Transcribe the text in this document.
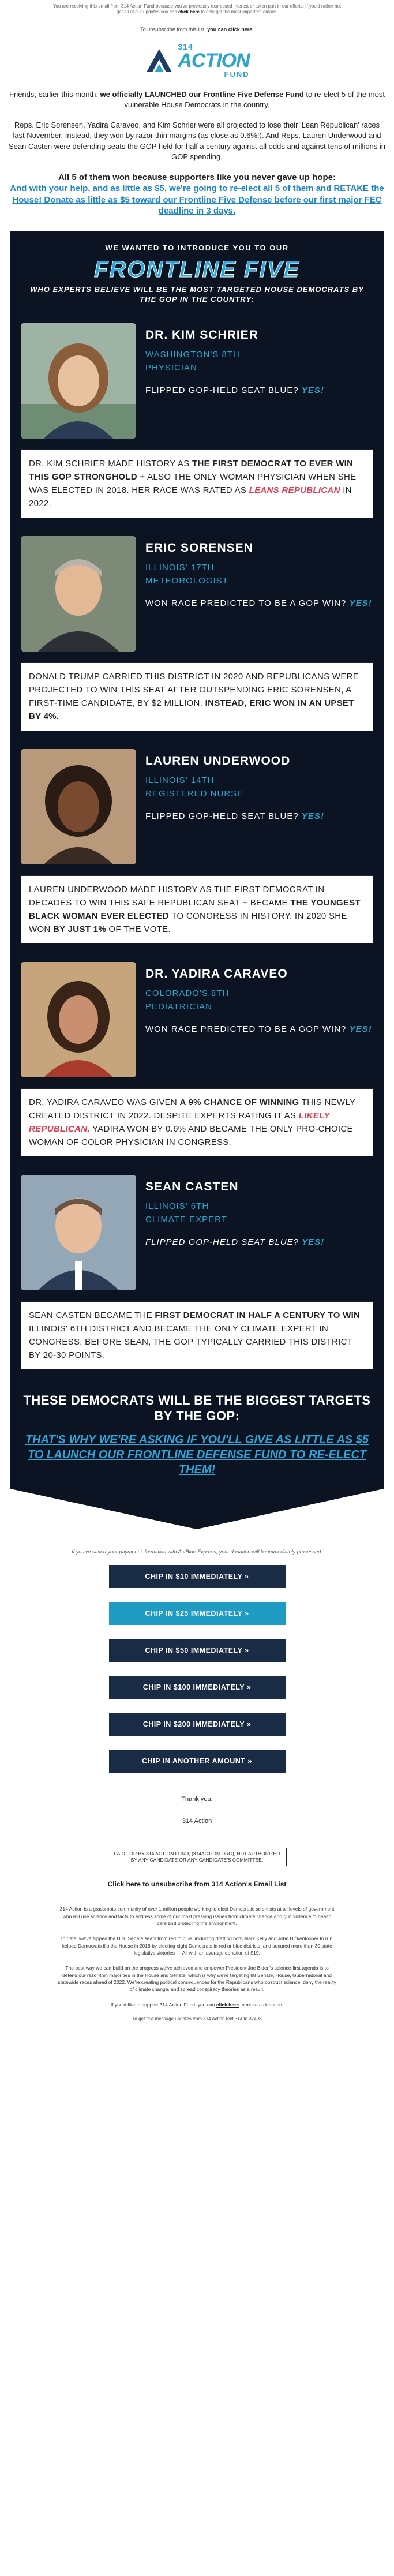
You are receiving this email from 314 Action Fund because you've previously expressed interest or taken part in our efforts. If you'd rather not get all of our updates you can click here to only get the most important emails.
To unsubscribe from this list, you can click here.
314
ACTION
FUND

Friends, earlier this month, we officially LAUNCHED our Frontline Five Defense Fund to re-elect 5 of the most vulnerable House Democrats in the country.

Reps. Eric Sorensen, Yadira Caraveo, and Kim Schrier were all projected to lose their 'Lean Republican' races last November. Instead, they won by razor thin margins (as close as 0.6%!). And Reps. Lauren Underwood and Sean Casten were defending seats the GOP held for half a century against all odds and against tens of millions in GOP spending.

All 5 of them won because supporters like you never gave up hope:
And with your help, and as little as $5, we're going to re-elect all 5 of them and RETAKE the House! Donate as little as $5 toward our Frontline Five Defense before our first major FEC deadline in 3 days.
WE WANTED TO INTRODUCE YOU TO OUR
FRONTLINE FIVE
WHO EXPERTS BELIEVE WILL BE THE MOST TARGETED HOUSE DEMOCRATS BY THE GOP IN THE COUNTRY:
DR. KIM SCHRIER
WASHINGTON'S 8TH
PHYSICIAN
FLIPPED GOP-HELD SEAT BLUE? YES!
DR. KIM SCHRIER MADE HISTORY AS THE FIRST DEMOCRAT TO EVER WIN THIS GOP STRONGHOLD + ALSO THE ONLY WOMAN PHYSICIAN WHEN SHE WAS ELECTED IN 2018. HER RACE WAS RATED AS LEANS REPUBLICAN IN 2022.
ERIC SORENSEN
ILLINOIS' 17TH
METEOROLOGIST
WON RACE PREDICTED TO BE A GOP WIN? YES!
DONALD TRUMP CARRIED THIS DISTRICT IN 2020 AND REPUBLICANS WERE PROJECTED TO WIN THIS SEAT AFTER OUTSPENDING ERIC SORENSEN, A FIRST-TIME CANDIDATE, BY $2 MILLION. INSTEAD, ERIC WON IN AN UPSET BY 4%.
LAUREN UNDERWOOD
ILLINOIS' 14TH
REGISTERED NURSE
FLIPPED GOP-HELD SEAT BLUE? YES!
LAUREN UNDERWOOD MADE HISTORY AS THE FIRST DEMOCRAT IN DECADES TO WIN THIS SAFE REPUBLICAN SEAT + BECAME THE YOUNGEST BLACK WOMAN EVER ELECTED TO CONGRESS IN HISTORY. IN 2020 SHE WON BY JUST 1% OF THE VOTE.
DR. YADIRA CARAVEO
COLORADO'S 8TH
PEDIATRICIAN
WON RACE PREDICTED TO BE A GOP WIN? YES!
DR. YADIRA CARAVEO WAS GIVEN A 9% CHANCE OF WINNING THIS NEWLY CREATED DISTRICT IN 2022. DESPITE EXPERTS RATING IT AS LIKELY REPUBLICAN, YADIRA WON BY 0.6% AND BECAME THE ONLY PRO-CHOICE WOMAN OF COLOR PHYSICIAN IN CONGRESS.
SEAN CASTEN
ILLINOIS' 6TH
CLIMATE EXPERT
FLIPPED GOP-HELD SEAT BLUE? YES!
SEAN CASTEN BECAME THE FIRST DEMOCRAT IN HALF A CENTURY TO WIN ILLINOIS' 6TH DISTRICT AND BECAME THE ONLY CLIMATE EXPERT IN CONGRESS. BEFORE SEAN, THE GOP TYPICALLY CARRIED THIS DISTRICT BY 20-30 POINTS.
THESE DEMOCRATS WILL BE THE BIGGEST TARGETS BY THE GOP:
THAT'S WHY WE'RE ASKING IF YOU'LL GIVE AS LITTLE AS $5 TO LAUNCH OUR FRONTLINE DEFENSE FUND TO RE-ELECT THEM!
If you've saved your payment information with ActBlue Express, your donation will be immediately processed.
CHIP IN $10 IMMEDIATELY »
CHIP IN $25 IMMEDIATELY »
CHIP IN $50 IMMEDIATELY »
CHIP IN $100 IMMEDIATELY »
CHIP IN $200 IMMEDIATELY »
CHIP IN ANOTHER AMOUNT »
Thank you,
314 Action
PAID FOR BY 314 ACTION FUND, (314ACTION.ORG), NOT AUTHORIZED BY ANY CANDIDATE OR ANY CANDIDATE'S COMMITTEE.
Click here to unsubscribe from 314 Action's Email List

314 Action is a grassroots community of over 1 million people working to elect Democratic scientists at all levels of government who will use science and facts to address some of our most pressing issues from climate change and gun violence to health care and protecting the environment.

To date, we've flipped the U.S. Senate seats from red to blue, including drafting both Mark Kelly and John Hickenlooper to run, helped Democrats flip the House in 2018 by electing eight Democrats in red or blue districts, and secured more than 30 state legislative victories — All with an average donation of $19.

The best way we can build on the progress we've achieved and empower President Joe Biden's science-first agenda is to defend our razor-thin majorities in the House and Senate, which is why we're targeting 88 Senate, House, Gubernatorial and statewide races ahead of 2022. We're creating political consequences for the Republicans who obstruct science, deny the reality of climate change, and spread conspiracy theories as a result.

If you'd like to support 314 Action Fund, you can click here to make a donation.

To get text message updates from 314 Action text 314 to 37498
